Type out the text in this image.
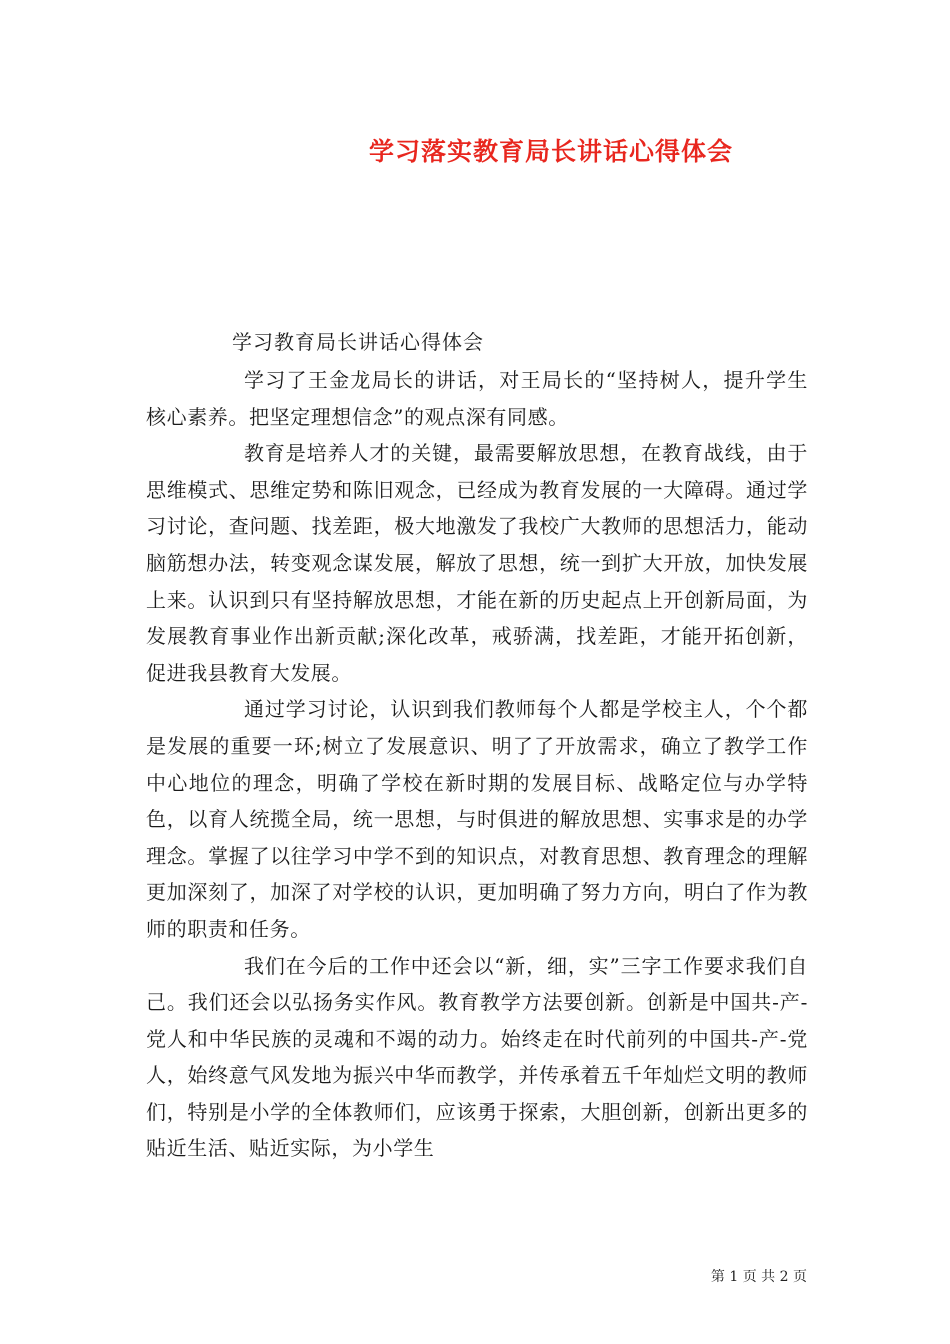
学习落实教育局长讲话心得体会
学习教育局长讲话心得体会

学习了王金龙局长的讲话，对王局长的“坚持树人，提升学生核心素养。把坚定理想信念”的观点深有同感。

教育是培养人才的关键，最需要解放思想，在教育战线，由于思维模式、思维定势和陈旧观念，已经成为教育发展的一大障碍。通过学习讨论，查问题、找差距，极大地激发了我校广大教师的思想活力，能动脑筋想办法，转变观念谋发展，解放了思想，统一到扩大开放，加快发展上来。认识到只有坚持解放思想，才能在新的历史起点上开创新局面，为发展教育事业作出新贡献;深化改革，戒骄满，找差距，才能开拓创新，促进我县教育大发展。

通过学习讨论，认识到我们教师每个人都是学校主人，个个都是发展的重要一环;树立了发展意识、明了了开放需求，确立了教学工作中心地位的理念，明确了学校在新时期的发展目标、战略定位与办学特色，以育人统揽全局，统一思想，与时俱进的解放思想、实事求是的办学理念。掌握了以往学习中学不到的知识点，对教育思想、教育理念的理解更加深刻了，加深了对学校的认识，更加明确了努力方向，明白了作为教师的职责和任务。

我们在今后的工作中还会以“新，细，实”三字工作要求我们自己。我们还会以弘扬务实作风。教育教学方法要创新。创新是中国共-产-党人和中华民族的灵魂和不竭的动力。始终走在时代前列的中国共-产-党人，始终意气风发地为振兴中华而教学，并传承着五千年灿烂文明的教师们，特别是小学的全体教师们，应该勇于探索，大胆创新，创新出更多的贴近生活、贴近实际，为小学生

第 1 页 共 2 页
